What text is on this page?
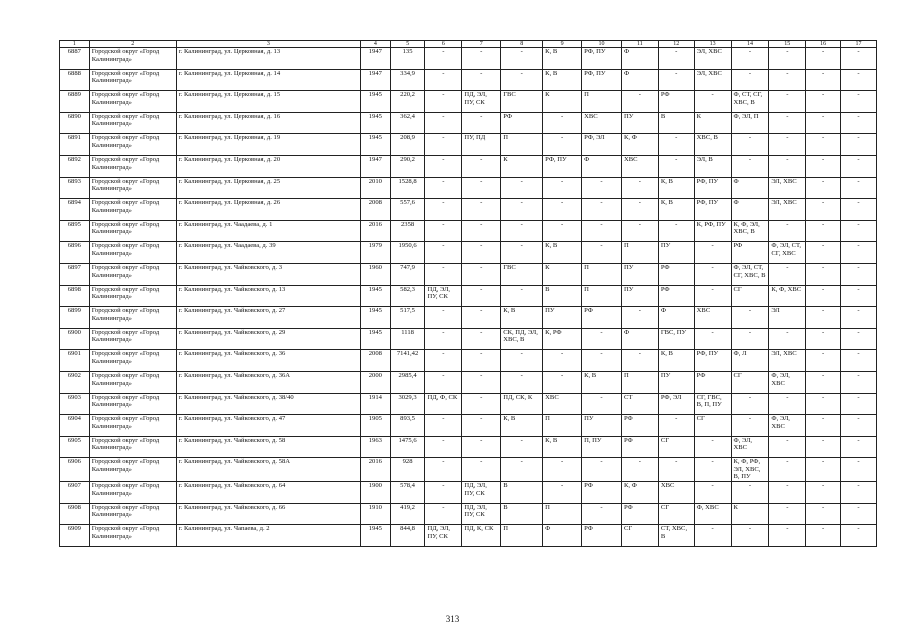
1	2	3	4	5	6	7	8	9	10	11	12	13	14	15	16	17
6887	Городской округ «Город Калининград»	г. Калининград, ул. Церковная, д. 13	1947	135	-	-	-	К, В	РФ, ПУ	Ф	-	ЭЛ, ХВС	-	-	-	-
6888	Городской округ «Город Калининград»	г. Калининград, ул. Церковная, д. 14	1947	334,9	-	-	-	К, В	РФ, ПУ	Ф	-	ЭЛ, ХВС	-	-	-	-
6889	Городской округ «Город Калининград»	г. Калининград, ул. Церковная, д. 15	1945	220,2	-	ПД, ЭЛ, ПУ, СК	ГВС	К	П	-	РФ	-	Ф, СТ, СГ, ХВС, В	-	-	-
6890	Городской округ «Город Калининград»	г. Калининград, ул. Церковная, д. 16	1945	362,4	-	-	РФ	-	ХВС	ПУ	В	К	Ф, ЭЛ, П	-	-	-
6891	Городской округ «Город Калининград»	г. Калининград, ул. Церковная, д. 19	1945	208,9	-	ПУ, ПД	П	-	РФ, ЭЛ	К, Ф	-	ХВС, В	-	-	-	-
6892	Городской округ «Город Калининград»	г. Калининград, ул. Церковная, д. 20	1947	290,2	-	-	К	РФ, ПУ	Ф	ХВС	-	ЭЛ, В	-	-	-	-
6893	Городской округ «Город Калининград»	г. Калининград, ул. Церковная, д. 25	2010	1528,8	-	-	-	-	-	-	К, В	РФ, ПУ	Ф	ЭЛ, ХВС	-	-
6894	Городской округ «Город Калининград»	г. Калининград, ул. Церковная, д. 26	2008	557,6	-	-	-	-	-	-	К, В	РФ, ПУ	Ф	ЭЛ, ХВС	-	-
6895	Городской округ «Город Калининград»	г. Калининград, ул. Чаадаева, д. 1	2016	2358	-	-	-	-	-	-	-	К, РФ, ПУ	К, Ф, ЭЛ, ХВС, В	-	-	-
6896	Городской округ «Город Калининград»	г. Калининград, ул. Чаадаева, д. 39	1979	1950,6	-	-	-	К, В	-	П	ПУ	-	РФ	Ф, ЭЛ, СТ, СГ, ХВС	-	-
6897	Городской округ «Город Калининград»	г. Калининград, ул. Чайковского, д. 3	1960	747,9	-	-	ГВС	К	П	ПУ	РФ	-	Ф, ЭЛ, СТ, СГ, ХВС, В	-	-	-
6898	Городской округ «Город Калининград»	г. Калининград, ул. Чайковского, д. 13	1945	582,3	ПД, ЭЛ, ПУ, СК	-	-	В	П	ПУ	РФ	-	СГ	К, Ф, ХВС	-	-
6899	Городской округ «Город Калининград»	г. Калининград, ул. Чайковского, д. 27	1945	517,5	-	-	К, В	ПУ	РФ	-	Ф	ХВС	-	ЭЛ	-	-
6900	Городской округ «Город Калининград»	г. Калининград, ул. Чайковского, д. 29	1945	1118	-	-	СК, ПД, ЭЛ, ХВС, В	К, РФ	-	Ф	ГВС, ПУ	-	-	-	-	-
6901	Городской округ «Город Калининград»	г. Калининград, ул. Чайковского, д. 36	2008	7141,42	-	-	-	-	-	-	К, В	РФ, ПУ	Ф, Л	ЭЛ, ХВС	-	-
6902	Городской округ «Город Калининград»	г. Калининград, ул. Чайковского, д. 36А	2000	2985,4	-	-	-	-	К, В	П	ПУ	РФ	СГ	Ф, ЭЛ, ХВС	-	-
6903	Городской округ «Город Калининград»	г. Калининград, ул. Чайковского, д. 38/40	1914	3029,3	ПД, Ф, СК	-	ПД, СК, К	ХВС	-	СТ	РФ, ЭЛ	СГ, ГВС, В, П, ПУ	-	-	-	-
6904	Городской округ «Город Калининград»	г. Калининград, ул. Чайковского, д. 47	1905	893,5	-	-	К, В	П	ПУ	РФ	-	СГ	-	Ф, ЭЛ, ХВС	-	-
6905	Городской округ «Город Калининград»	г. Калининград, ул. Чайковского, д. 58	1963	1475,6	-	-	-	К, В	П, ПУ	РФ	СГ	-	Ф, ЭЛ, ХВС	-	-	-
6906	Городской округ «Город Калининград»	г. Калининград, ул. Чайковского, д. 58А	2016	928	-	-	-	-	-	-	-	-	К, Ф, РФ, ЭЛ, ХВС, В, ПУ	-	-	-
6907	Городской округ «Город Калининград»	г. Калининград, ул. Чайковского, д. 64	1900	578,4	-	ПД, ЭЛ, ПУ, СК	В	-	РФ	К, Ф	ХВС	-	-	-	-	-
6908	Городской округ «Город Калининград»	г. Калининград, ул. Чайковского, д. 66	1910	419,2	-	ПД, ЭЛ, ПУ, СК	В	П	-	РФ	СГ	Ф, ХВС	К	-	-	-
6909	Городской округ «Город Калининград»	г. Калининград, ул. Чапаева, д. 2	1945	844,8	ПД, ЭЛ, ПУ, СК	ПД, К, СК	П	Ф	РФ	СГ	СТ, ХВС, В	-	-	-	-	-
313
